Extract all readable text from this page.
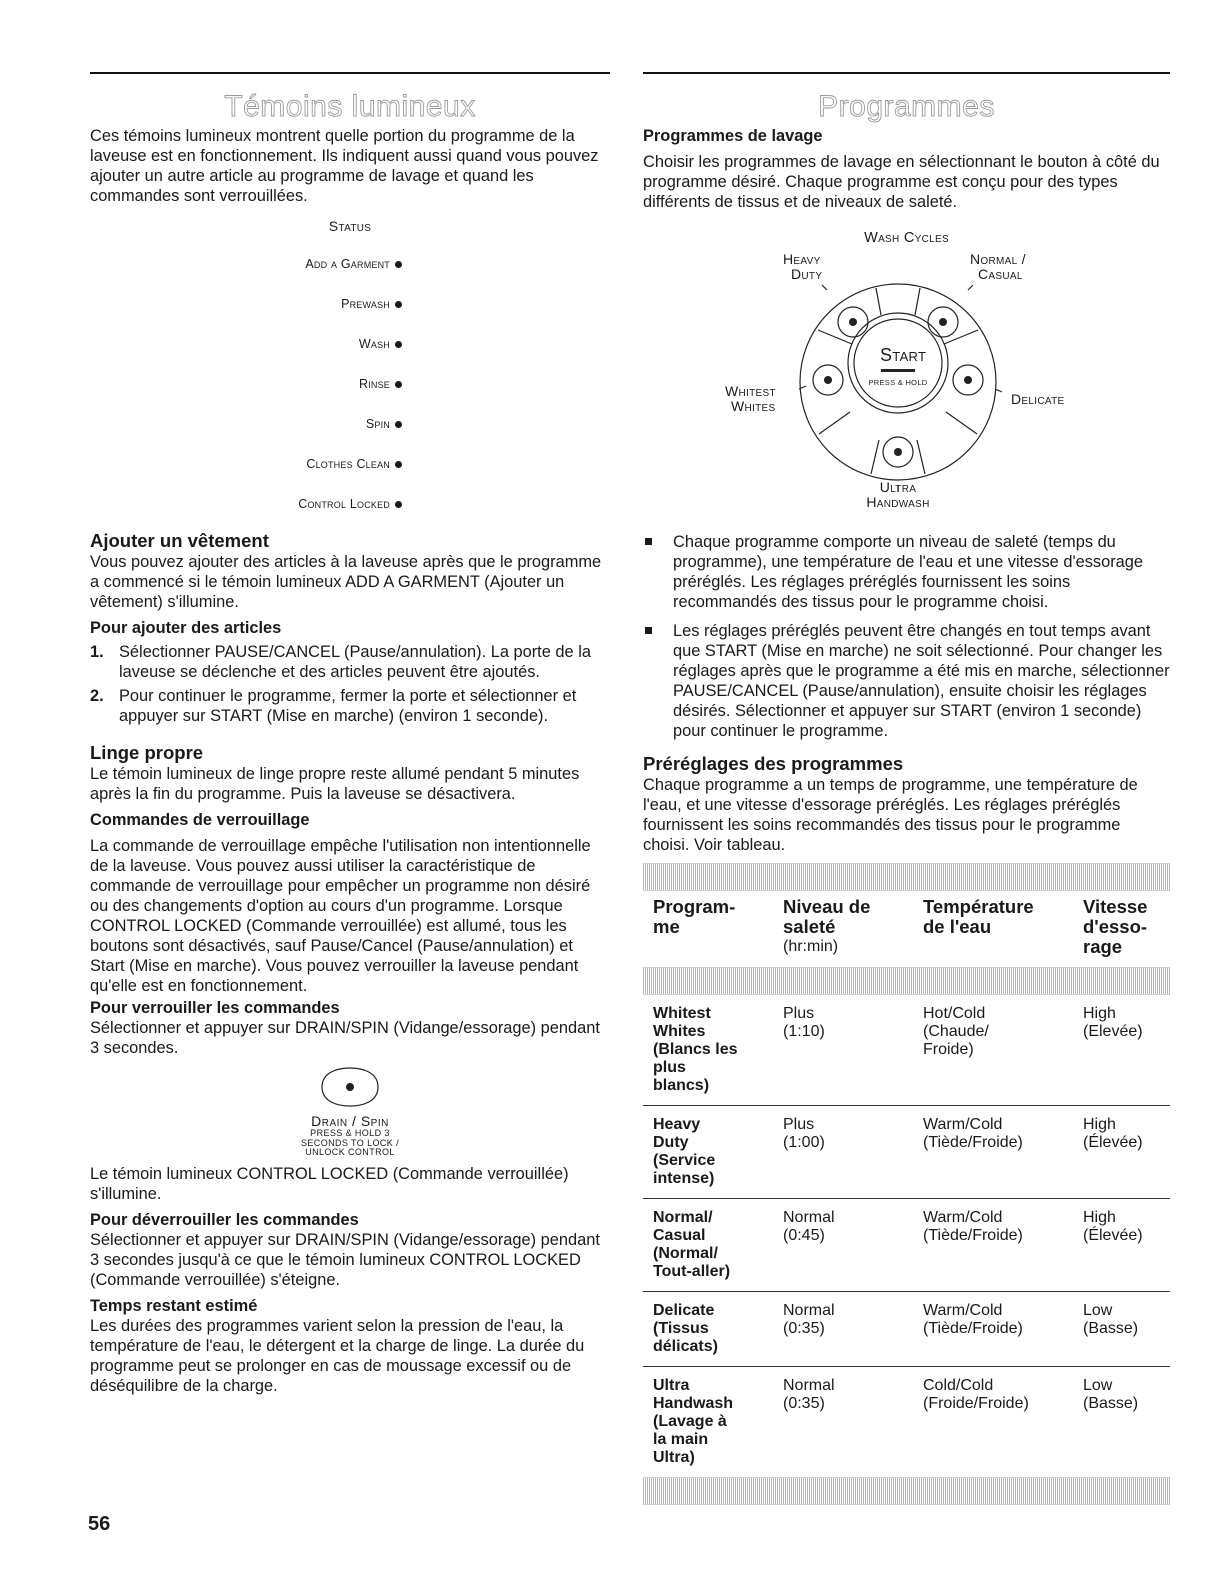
Témoins lumineux

Ces témoins lumineux montrent quelle portion du programme de la laveuse est en fonctionnement. Ils indiquent aussi quand vous pouvez ajouter un autre article au programme de lavage et quand les commandes sont verrouillées.

Status
Add a Garment
Prewash
Wash
Rinse
Spin
Clothes Clean
Control Locked
Ajouter un vêtement

Vous pouvez ajouter des articles à la laveuse après que le programme a commencé si le témoin lumineux ADD A GARMENT (Ajouter un vêtement) s'illumine.

Pour ajouter des articles
1. Sélectionner PAUSE/CANCEL (Pause/annulation). La porte de la laveuse se déclenche et des articles peuvent être ajoutés.
2. Pour continuer le programme, fermer la porte et sélectionner et appuyer sur START (Mise en marche) (environ 1 seconde).
Linge propre

Le témoin lumineux de linge propre reste allumé pendant 5 minutes après la fin du programme. Puis la laveuse se désactivera.

Commandes de verrouillage

La commande de verrouillage empêche l'utilisation non intentionnelle de la laveuse. Vous pouvez aussi utiliser la caractéristique de commande de verrouillage pour empêcher un programme non désiré ou des changements d'option au cours d'un programme. Lorsque CONTROL LOCKED (Commande verrouillée) est allumé, tous les boutons sont désactivés, sauf Pause/Cancel (Pause/annulation) et Start (Mise en marche). Vous pouvez verrouiller la laveuse pendant qu'elle est en fonctionnement.

Pour verrouiller les commandes

Sélectionner et appuyer sur DRAIN/SPIN (Vidange/essorage) pendant 3 secondes.

Drain / Spin
PRESS & HOLD 3
SECONDS TO LOCK /
UNLOCK CONTROL

Le témoin lumineux CONTROL LOCKED (Commande verrouillée) s'illumine.

Pour déverrouiller les commandes

Sélectionner et appuyer sur DRAIN/SPIN (Vidange/essorage) pendant 3 secondes jusqu'à ce que le témoin lumineux CONTROL LOCKED (Commande verrouillée) s'éteigne.

Temps restant estimé

Les durées des programmes varient selon la pression de l'eau, la température de l'eau, le détergent et la charge de linge. La durée du programme peut se prolonger en cas de moussage excessif ou de déséquilibre de la charge.

Programmes
Programmes de lavage

Choisir les programmes de lavage en sélectionnant le bouton à côté du programme désiré. Chaque programme est conçu pour des types différents de tissus et de niveaux de saleté.

Wash Cycles
Start
PRESS & HOLD
Heavy
Duty
Normal /
Casual
Whitest
Whites	Delicate
Ultra
Handwash
Chaque programme comporte un niveau de saleté (temps du programme), une température de l'eau et une vitesse d'essorage préréglés. Les réglages préréglés fournissent les soins recommandés des tissus pour le programme choisi.
Les réglages préréglés peuvent être changés en tout temps avant que START (Mise en marche) ne soit sélectionné. Pour changer les réglages après que le programme a été mis en marche, sélectionner PAUSE/CANCEL (Pause/annulation), ensuite choisir les réglages désirés. Sélectionner et appuyer sur START (environ 1 seconde) pour continuer le programme.
Préréglages des programmes

Chaque programme a un temps de programme, une température de l'eau, et une vitesse d'essorage préréglés. Les réglages préréglés fournissent les soins recommandés des tissus pour le programme choisi. Voir tableau.

Program-
me	Niveau de
saleté
(hr:min)	Température
de l'eau	Vitesse
d'esso-
rage

Whitest
Whites
(Blancs les
plus
blancs)	Plus
(1:10)	Hot/Cold
(Chaude/
Froide)	High
(Elevée)
Heavy
Duty
(Service
intense)	Plus
(1:00)	Warm/Cold
(Tiède/Froide)	High
(Élevée)
Normal/
Casual
(Normal/
Tout-aller)	Normal
(0:45)	Warm/Cold
(Tiède/Froide)	High
(Élevée)
Delicate
(Tissus
délicats)	Normal
(0:35)	Warm/Cold
(Tiède/Froide)	Low
(Basse)
Ultra
Handwash
(Lavage à
la main
Ultra)	Normal
(0:35)	Cold/Cold
(Froide/Froide)	Low
(Basse)

56
